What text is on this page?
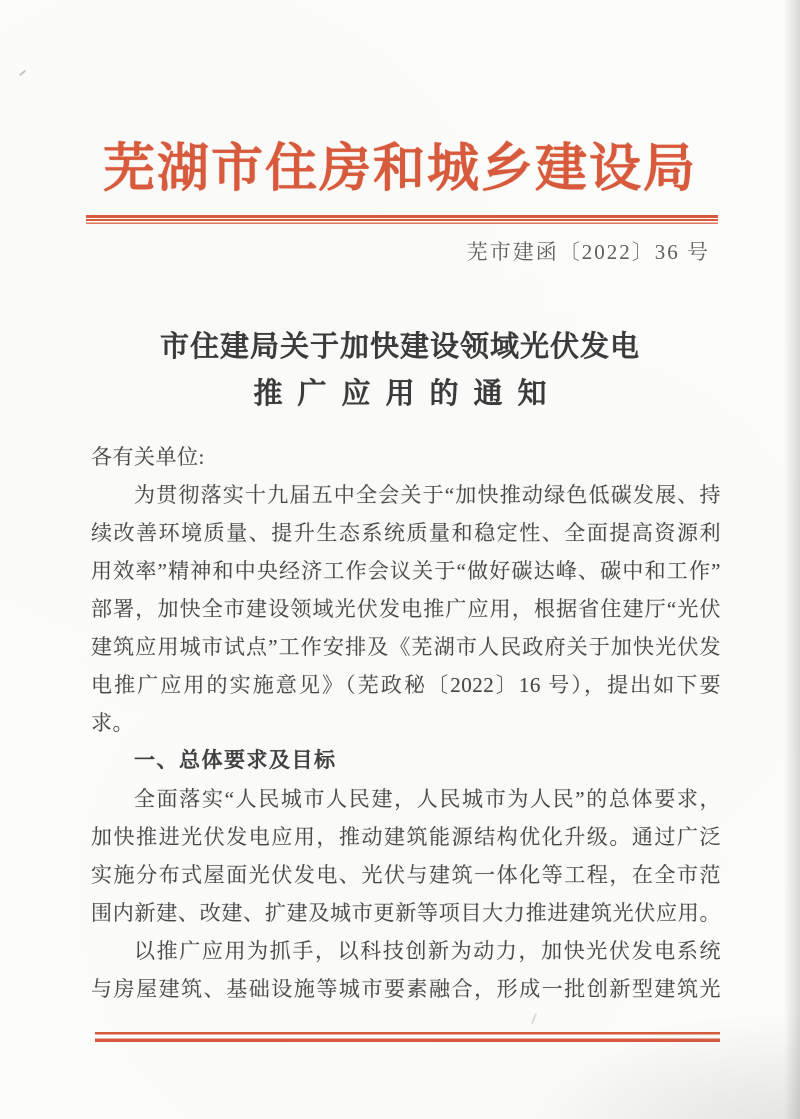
芜湖市住房和城乡建设局
芜市建函〔2022〕36 号
市住建局关于加快建设领域光伏发电
推广应用的通知
各有关单位:
为贯彻落实十九届五中全会关于“加快推动绿色低碳发展、持
续改善环境质量、提升生态系统质量和稳定性、全面提高资源利
用效率”精神和中央经济工作会议关于“做好碳达峰、碳中和工作”
部署，加快全市建设领域光伏发电推广应用，根据省住建厅“光伏
建筑应用城市试点”工作安排及《芜湖市人民政府关于加快光伏发
电推广应用的实施意见》（芜政秘〔2022〕16 号），提出如下要
求。
一、总体要求及目标
全面落实“人民城市人民建，人民城市为人民”的总体要求，
加快推进光伏发电应用，推动建筑能源结构优化升级。通过广泛
实施分布式屋面光伏发电、光伏与建筑一体化等工程，在全市范
围内新建、改建、扩建及城市更新等项目大力推进建筑光伏应用。
以推广应用为抓手，以科技创新为动力，加快光伏发电系统
与房屋建筑、基础设施等城市要素融合，形成一批创新型建筑光
